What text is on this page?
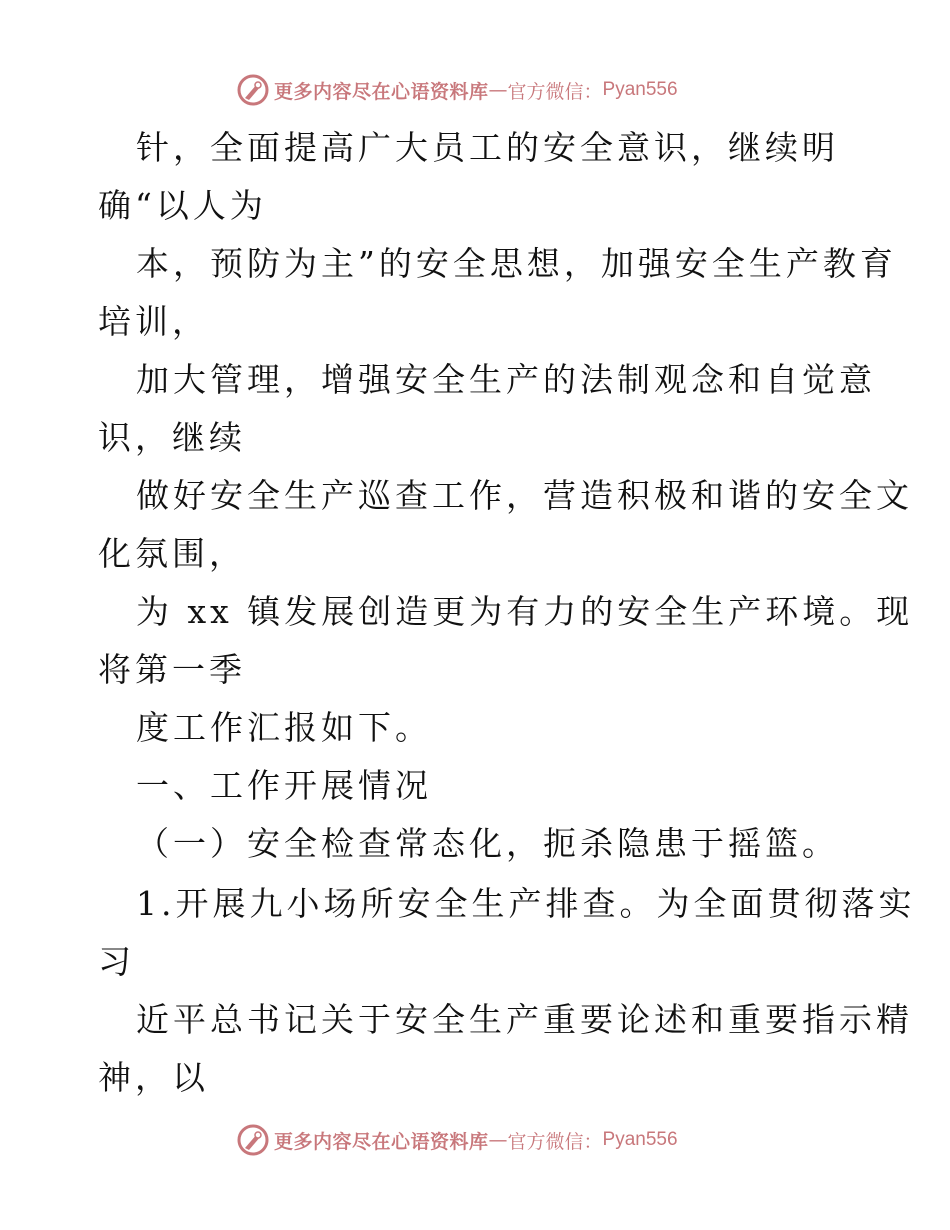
更多内容尽在心语资料库 — 官方微信： Pyan556
针，全面提高广大员工的安全意识，继续明
确“以人为
本，预防为主”的安全思想，加强安全生产教育
培训，
加大管理，增强安全生产的法制观念和自觉意
识，继续
做好安全生产巡查工作，营造积极和谐的安全文
化氛围，
为 xx 镇发展创造更为有力的安全生产环境。现
将第一季
度工作汇报如下。
一、工作开展情况
（一）安全检查常态化，扼杀隐患于摇篮。
1.开展九小场所安全生产排查。为全面贯彻落实
习
近平总书记关于安全生产重要论述和重要指示精
神，以
更多内容尽在心语资料库 — 官方微信： Pyan556
